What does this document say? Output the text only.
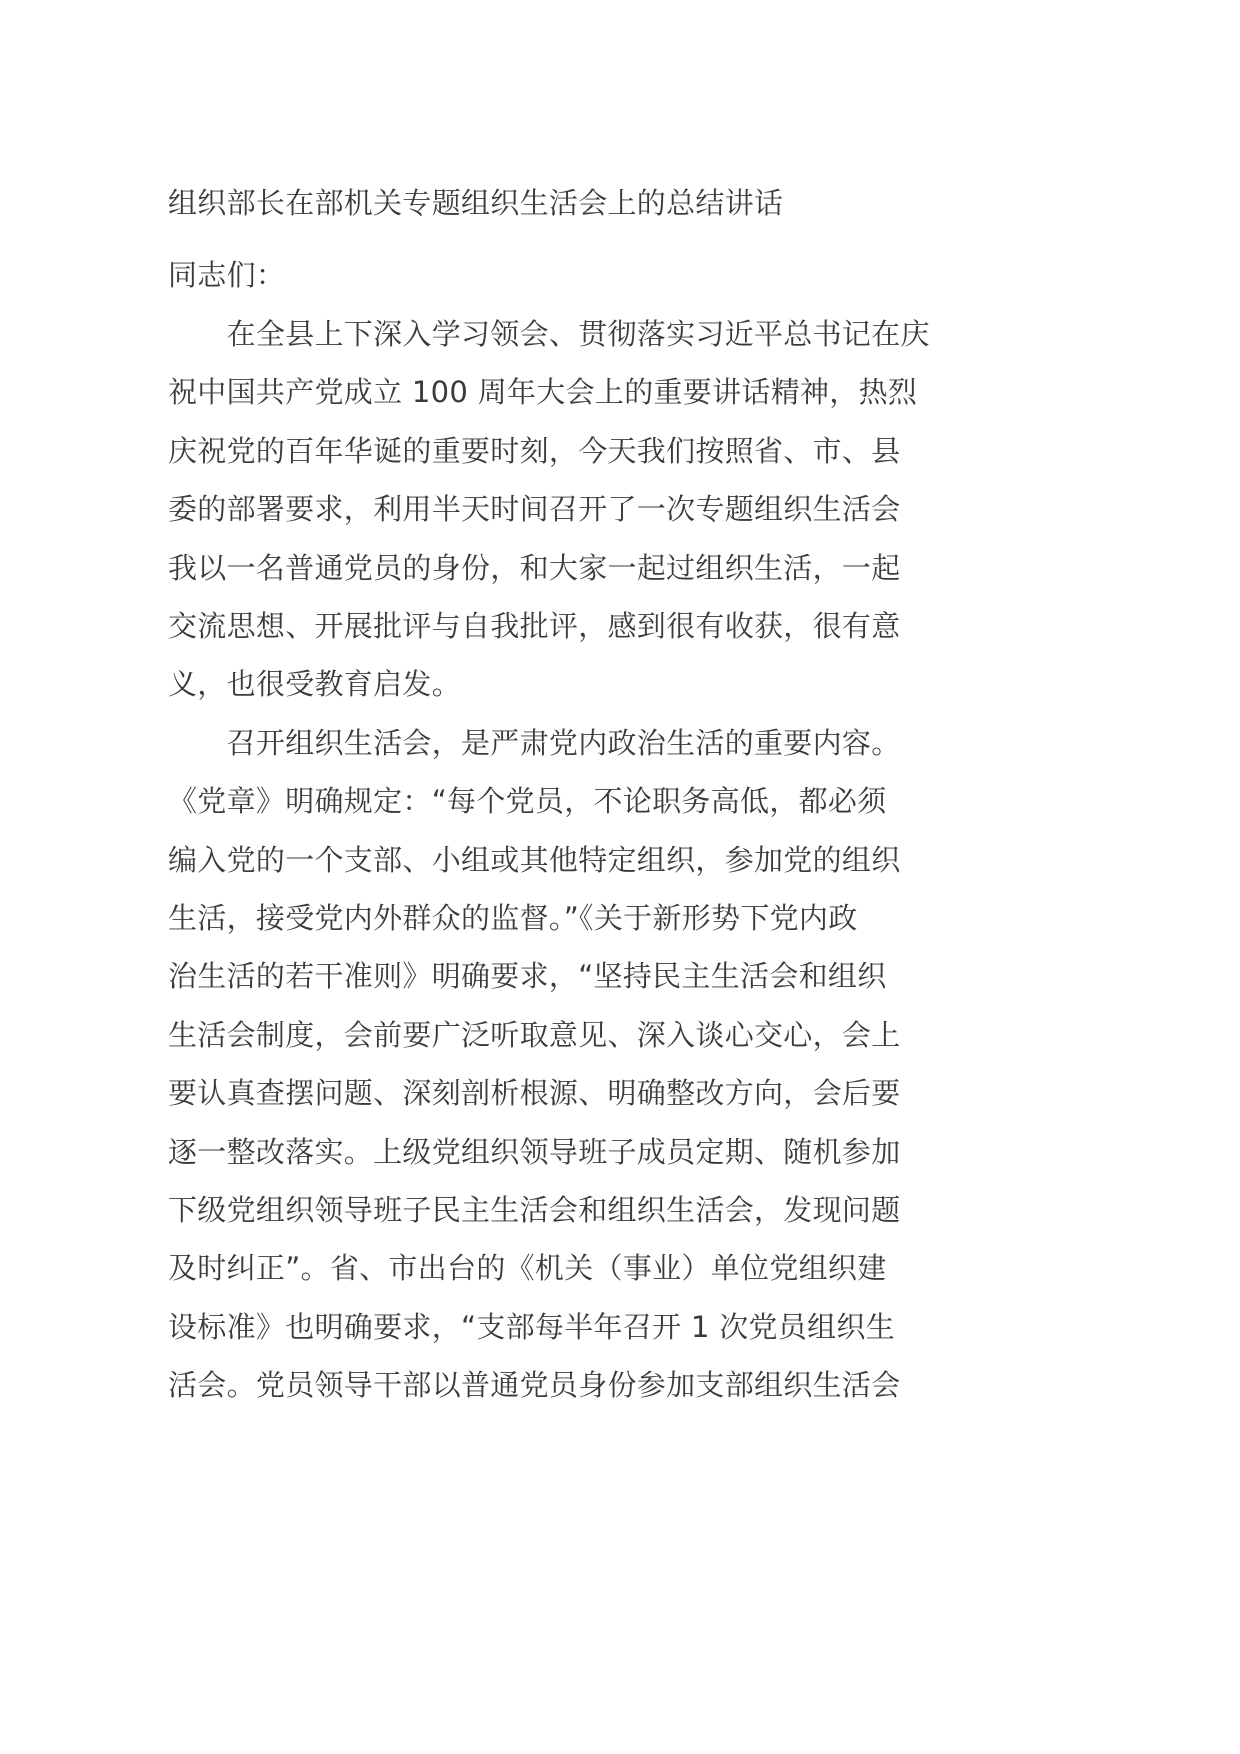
组织部长在部机关专题组织生活会上的总结讲话
同志们：
　　在全县上下深入学习领会、贯彻落实习近平总书记在庆
祝中国共产党成立 100 周年大会上的重要讲话精神，热烈
庆祝党的百年华诞的重要时刻，今天我们按照省、市、县
委的部署要求，利用半天时间召开了一次专题组织生活会
我以一名普通党员的身份，和大家一起过组织生活，一起
交流思想、开展批评与自我批评，感到很有收获，很有意
义，也很受教育启发。
　　召开组织生活会，是严肃党内政治生活的重要内容。
《党章》明确规定：“每个党员，不论职务高低，都必须
编入党的一个支部、小组或其他特定组织，参加党的组织
生活，接受党内外群众的监督。”《关于新形势下党内政
治生活的若干准则》明确要求，“坚持民主生活会和组织
生活会制度，会前要广泛听取意见、深入谈心交心，会上
要认真查摆问题、深刻剖析根源、明确整改方向，会后要
逐一整改落实。上级党组织领导班子成员定期、随机参加
下级党组织领导班子民主生活会和组织生活会，发现问题
及时纠正”。省、市出台的《机关（事业）单位党组织建
设标准》也明确要求，“支部每半年召开 1 次党员组织生
活会。党员领导干部以普通党员身份参加支部组织生活会
